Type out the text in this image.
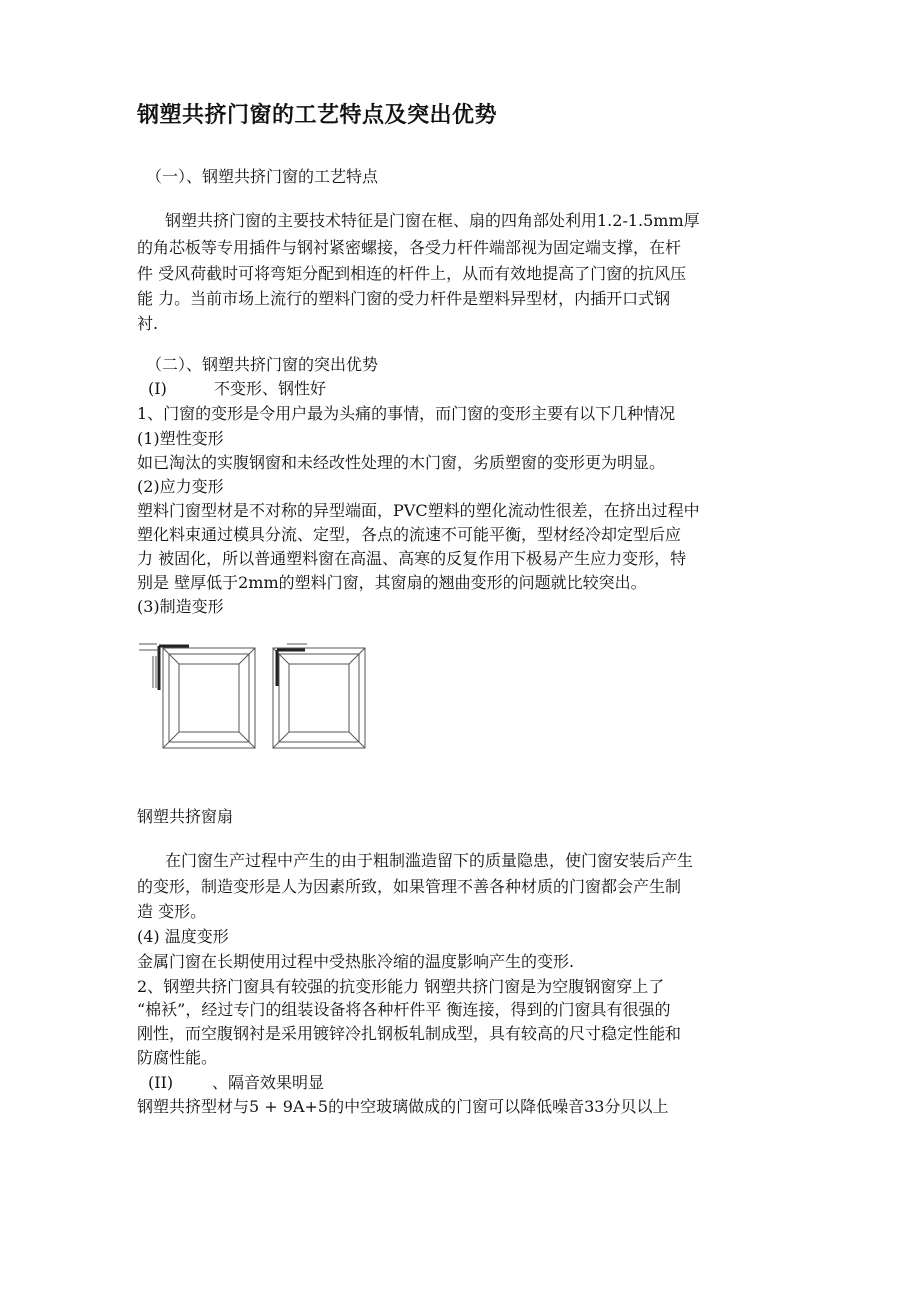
钢塑共挤门窗的工艺特点及突出优势
（一）、钢塑共挤门窗的工艺特点
钢塑共挤门窗的主要技术特征是门窗在框、扇的四角部处利用1.2-1.5mm厚
的角芯板等专用插件与钢衬紧密螺接，各受力杆件端部视为固定端支撑，在杆
件 受风荷截时可将弯矩分配到相连的杆件上，从而有效地提高了门窗的抗风压
能 力。当前市场上流行的塑料门窗的受力杆件是塑料异型材，内插开口式钢
衬.
（二）、钢塑共挤门窗的突出优势
(I)	不变形、钢性好
1、门窗的变形是令用户最为头痛的事情，而门窗的变形主要有以下几种情况
(1)塑性变形
如已淘汰的实腹钢窗和未经改性处理的木门窗，劣质塑窗的变形更为明显。
(2)应力变形
塑料门窗型材是不对称的异型端面，PVC塑料的塑化流动性很差，在挤出过程中
塑化料束通过模具分流、定型，各点的流速不可能平衡，型材经冷却定型后应
力 被固化，所以普通塑料窗在高温、高寒的反复作用下极易产生应力变形，特
别是 壁厚低于2mm的塑料门窗，其窗扇的翘曲变形的问题就比较突出。
(3)制造变形
钢塑共挤窗扇
在门窗生产过程中产生的由于粗制滥造留下的质量隐患，使门窗安装后产生
的变形，制造变形是人为因素所致，如果管理不善各种材质的门窗都会产生制
造 变形。
(4) 温度变形
金属门窗在长期使用过程中受热胀冷缩的温度影响产生的变形.
2、钢塑共挤门窗具有较强的抗变形能力 钢塑共挤门窗是为空腹钢窗穿上了
“棉袄”，经过专门的组装设备将各种杆件平 衡连接，得到的门窗具有很强的
刚性，而空腹钢衬是采用镀锌冷扎钢板轧制成型，具有较高的尺寸稳定性能和
防腐性能。
(II) 、隔音效果明显
钢塑共挤型材与5 + 9A+5的中空玻璃做成的门窗可以降低噪音33分贝以上
